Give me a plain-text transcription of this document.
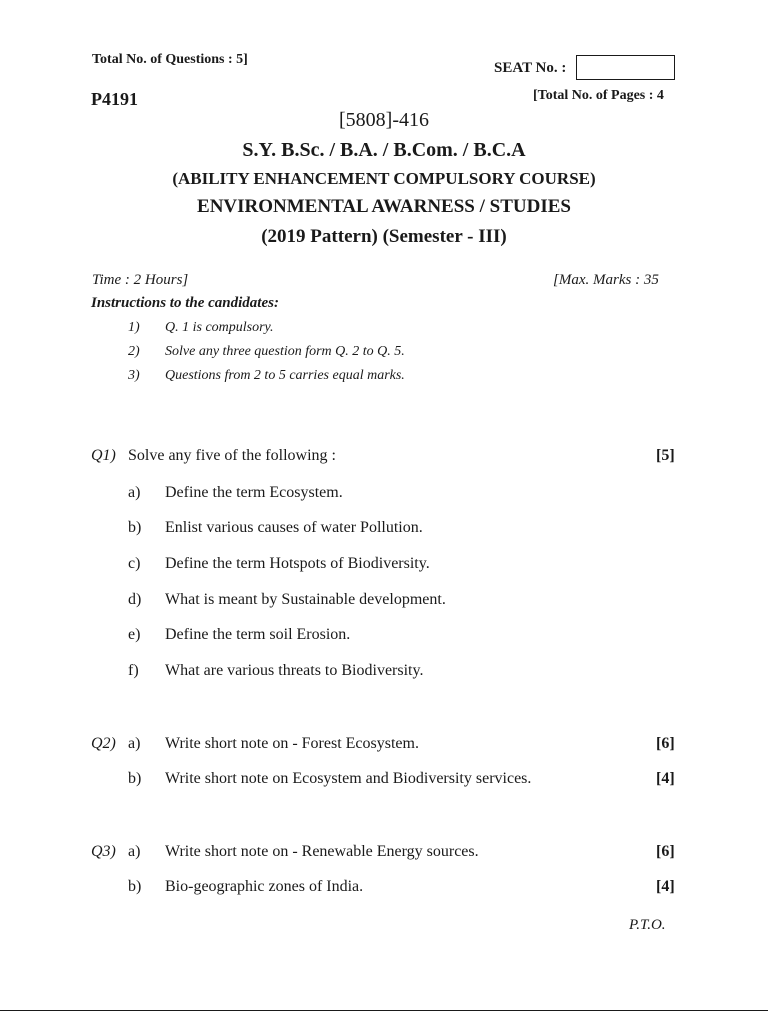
Total No. of Questions : 5]
SEAT No. :
P4191	[Total No. of Pages : 4
[5808]-416
S.Y. B.Sc. / B.A. / B.Com. / B.C.A
(ABILITY ENHANCEMENT COMPULSORY COURSE)
ENVIRONMENTAL AWARNESS / STUDIES
(2019 Pattern) (Semester - III)
Time : 2 Hours]	[Max. Marks : 35
Instructions to the candidates:
1) Q. 1 is compulsory.
2) Solve any three question form Q. 2 to Q. 5.
3) Questions from 2 to 5 carries equal marks.
Q1) Solve any five of the following :	[5]
a) Define the term Ecosystem.
b) Enlist various causes of water Pollution.
c) Define the term Hotspots of Biodiversity.
d) What is meant by Sustainable development.
e) Define the term soil Erosion.
f) What are various threats to Biodiversity.
Q2) a) Write short note on - Forest Ecosystem.	[6]
b) Write short note on Ecosystem and Biodiversity services.	[4]
Q3) a) Write short note on - Renewable Energy sources.	[6]
b) Bio-geographic zones of India.	[4]
P.T.O.
